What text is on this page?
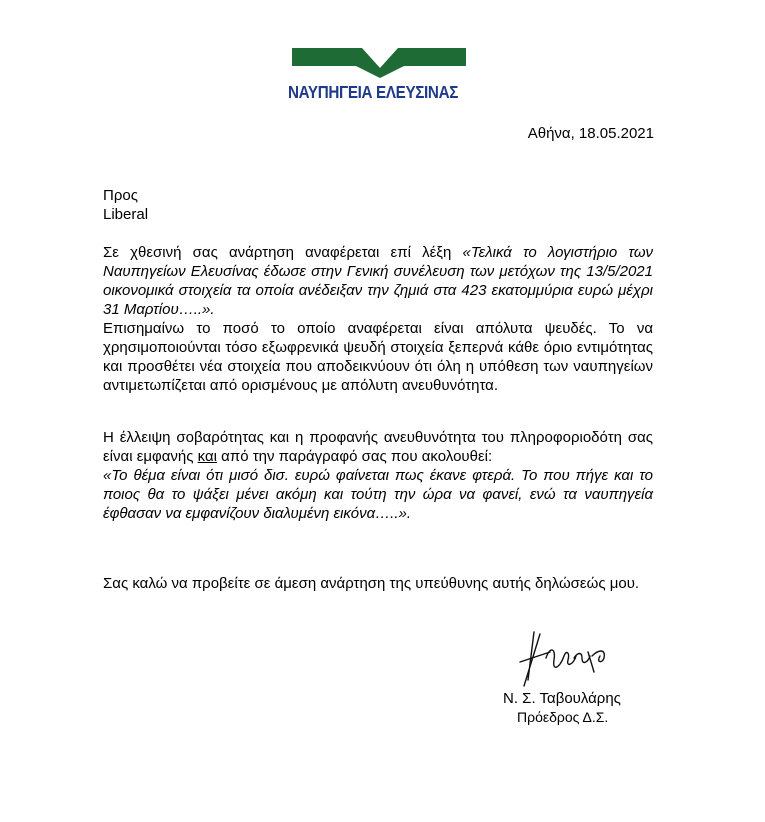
ΝΑΥΠΗΓΕΙΑ ΕΛΕΥΣΙΝΑΣ
Αθήνα, 18.05.2021
Προς
Liberal

Σε χθεσινή σας ανάρτηση αναφέρεται επί λέξη «Τελικά το λογιστήριο των Ναυπηγείων Ελευσίνας έδωσε στην Γενική συνέλευση των μετόχων της 13/5/2021 οικονομικά στοιχεία τα οποία ανέδειξαν την ζημιά στα 423 εκατομμύρια ευρώ μέχρι 31 Μαρτίου…..».

Επισημαίνω το ποσό το οποίο αναφέρεται είναι απόλυτα ψευδές. Το να χρησιμοποιούνται τόσο εξωφρενικά ψευδή στοιχεία ξεπερνά κάθε όριο εντιμότητας και προσθέτει νέα στοιχεία που αποδεικνύουν ότι όλη η υπόθεση των ναυπηγείων αντιμετωπίζεται από ορισμένους με απόλυτη ανευθυνότητα.

Η έλλειψη σοβαρότητας και η προφανής ανευθυνότητα του πληροφοριοδότη σας είναι εμφανής και από την παράγραφό σας που ακολουθεί:

«Το θέμα είναι ότι μισό δισ. ευρώ φαίνεται πως έκανε φτερά. Το που πήγε και το ποιος θα το ψάξει μένει ακόμη και τούτη την ώρα να φανεί, ενώ τα ναυπηγεία έφθασαν να εμφανίζουν διαλυμένη εικόνα…..».

Σας καλώ να προβείτε σε άμεση ανάρτηση της υπεύθυνης αυτής δηλώσεώς μου.

Ν. Σ. Ταβουλάρης
Πρόεδρος Δ.Σ.
